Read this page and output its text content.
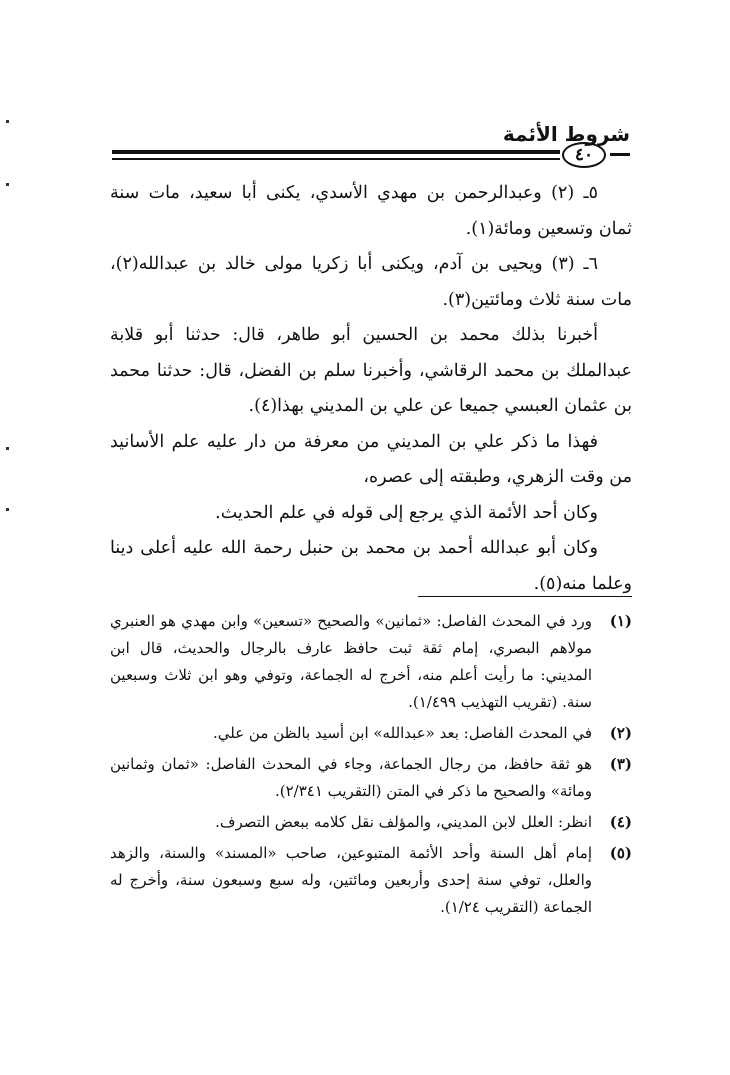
شروط الأئمة
٤٠

٥ـ (٢) وعبدالرحمن بن مهدي الأسدي، يكنى أبا سعيد، مات سنة ثمان وتسعين ومائة(١).

٦ـ (٣) ويحيى بن آدم، ويكنى أبا زكريا مولى خالد بن عبدالله(٢)، مات سنة ثلاث ومائتين(٣).

أخبرنا بذلك محمد بن الحسين أبو طاهر، قال: حدثنا أبو قلابة عبدالملك بن محمد الرقاشي، وأخبرنا سلم بن الفضل، قال: حدثنا محمد بن عثمان العبسي جميعا عن علي بن المديني بهذا(٤).

فهذا ما ذكر علي بن المديني من معرفة من دار عليه علم الأسانيد من وقت الزهري، وطبقته إلى عصره،

وكان أحد الأئمة الذي يرجع إلى قوله في علم الحديث.

وكان أبو عبدالله أحمد بن محمد بن حنبل رحمة الله عليه أعلى دينا وعلما منه(٥).

(١)
ورد في المحدث الفاصل: «ثمانين» والصحيح «تسعين» وابن مهدي هو العنبري مولاهم البصري، إمام ثقة ثبت حافظ عارف بالرجال والحديث، قال ابن المديني: ما رأيت أعلم منه، أخرج له الجماعة، وتوفي وهو ابن ثلاث وسبعين سنة. (تقريب التهذيب ١/٤٩٩).
(٢)
في المحدث الفاصل: بعد «عبدالله» ابن أسيد بالظن من علي.
(٣)
هو ثقة حافظ، من رجال الجماعة، وجاء في المحدث الفاصل: «ثمان وثمانين ومائة» والصحيح ما ذكر في المتن (التقريب ٢/٣٤١).
(٤)
انظر: العلل لابن المديني، والمؤلف نقل كلامه ببعض التصرف.
(٥)
إمام أهل السنة وأحد الأئمة المتبوعين، صاحب «المسند» والسنة، والزهد والعلل، توفي سنة إحدى وأربعين ومائتين، وله سبع وسبعون سنة، وأخرج له الجماعة (التقريب ١/٢٤).
